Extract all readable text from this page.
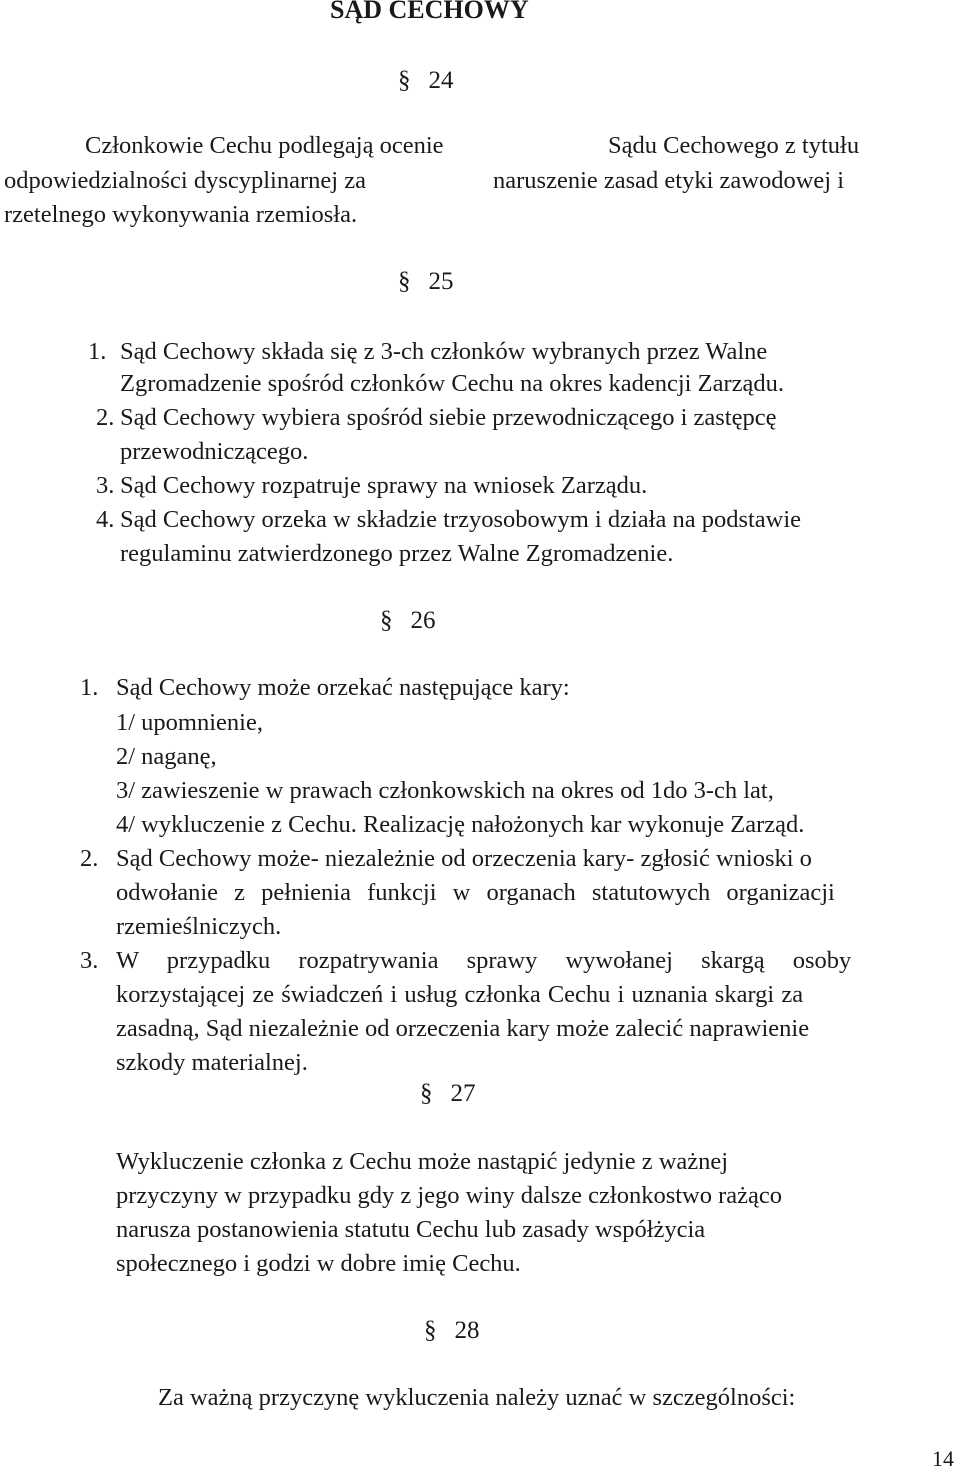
SĄD CECHOWY
§ 24
Członkowie Cechu podlegają ocenie	Sądu Cechowego z tytułu
odpowiedzialności dyscyplinarnej za	naruszenie zasad etyki zawodowej i
rzetelnego wykonywania rzemiosła.
§ 25
1. Sąd Cechowy składa się z 3-ch członków wybranych przez Walne
Zgromadzenie spośród członków Cechu na okres kadencji Zarządu.
2. Sąd Cechowy wybiera spośród siebie przewodniczącego i zastępcę
przewodniczącego.
3. Sąd Cechowy rozpatruje sprawy na wniosek Zarządu.
4. Sąd Cechowy orzeka w składzie trzyosobowym i działa na podstawie
regulaminu zatwierdzonego przez Walne Zgromadzenie.
§ 26
1. Sąd Cechowy może orzekać następujące kary:
1/ upomnienie,
2/ naganę,
3/ zawieszenie w prawach członkowskich na okres od 1do 3-ch lat,
4/ wykluczenie z Cechu. Realizację nałożonych kar wykonuje Zarząd.
2. Sąd Cechowy może- niezależnie od orzeczenia kary- zgłosić wnioski o
odwołanie z pełnienia funkcji w organach statutowych organizacji
rzemieślniczych.
3. W przypadku rozpatrywania sprawy wywołanej skargą osoby
korzystającej ze świadczeń i usług członka Cechu i uznania skargi za
zasadną, Sąd niezależnie od orzeczenia kary może zalecić naprawienie
szkody materialnej.
§ 27
Wykluczenie członka z Cechu może nastąpić jedynie z ważnej
przyczyny w przypadku gdy z jego winy dalsze członkostwo rażąco
narusza postanowienia statutu Cechu lub zasady współżycia
społecznego i godzi w dobre imię Cechu.
§ 28
Za ważną przyczynę wykluczenia należy uznać w szczególności:
14
